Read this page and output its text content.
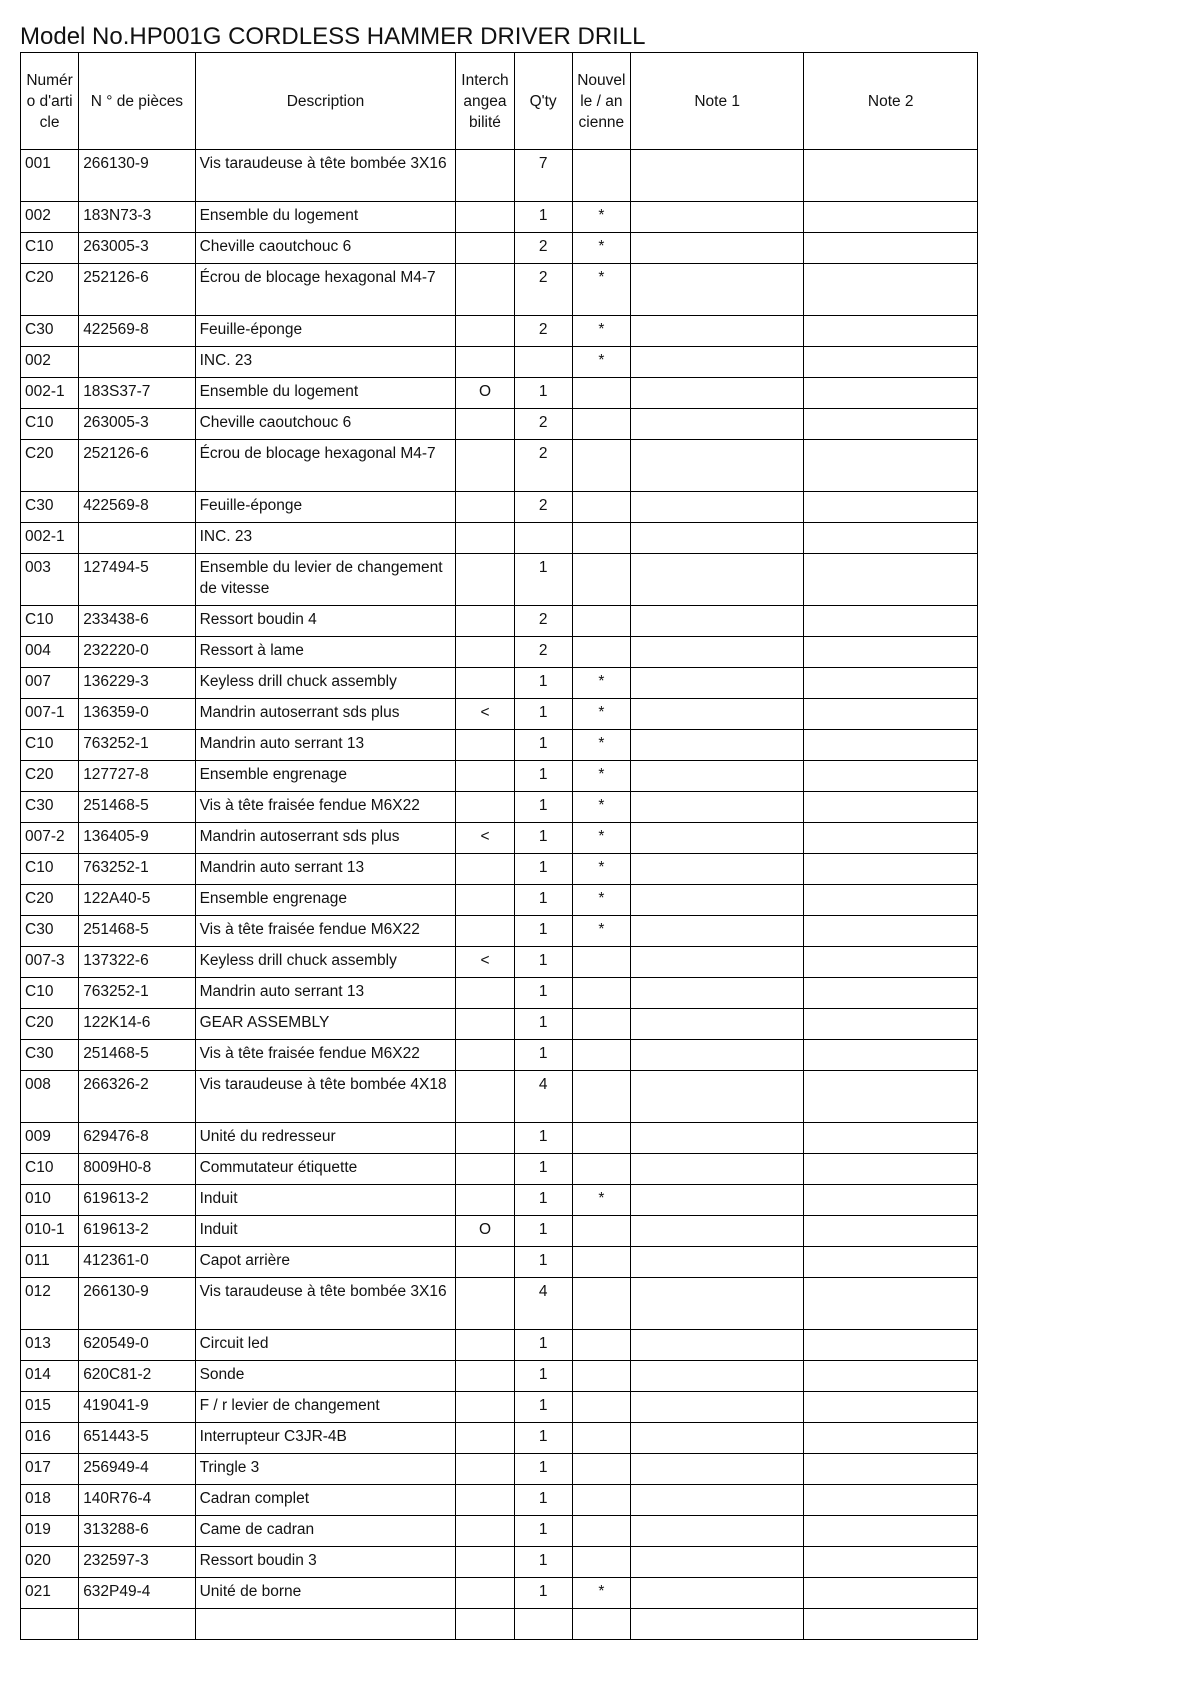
Model No.HP001G CORDLESS HAMMER DRIVER DRILL
Numéro d'article	N ° de pièces	Description	Interchangeabilité	Q'ty	Nouvelle / ancienne	Note 1	Note 2
001	266130-9	Vis taraudeuse à tête bombée 3X16		7			
002	183N73-3	Ensemble du logement		1	*		
C10	263005-3	Cheville caoutchouc 6		2	*		
C20	252126-6	Écrou de blocage hexagonal M4-7		2	*		
C30	422569-8	Feuille-éponge		2	*		
002		INC. 23			*		
002-1	183S37-7	Ensemble du logement	O	1			
C10	263005-3	Cheville caoutchouc 6		2			
C20	252126-6	Écrou de blocage hexagonal M4-7		2			
C30	422569-8	Feuille-éponge		2			
002-1		INC. 23					
003	127494-5	Ensemble du levier de changement de vitesse		1			
C10	233438-6	Ressort boudin 4		2			
004	232220-0	Ressort à lame		2			
007	136229-3	Keyless drill chuck assembly		1	*		
007-1	136359-0	Mandrin autoserrant sds plus	<	1	*		
C10	763252-1	Mandrin auto serrant 13		1	*		
C20	127727-8	Ensemble engrenage		1	*		
C30	251468-5	Vis à tête fraisée fendue M6X22		1	*		
007-2	136405-9	Mandrin autoserrant sds plus	<	1	*		
C10	763252-1	Mandrin auto serrant 13		1	*		
C20	122A40-5	Ensemble engrenage		1	*		
C30	251468-5	Vis à tête fraisée fendue M6X22		1	*		
007-3	137322-6	Keyless drill chuck assembly	<	1			
C10	763252-1	Mandrin auto serrant 13		1			
C20	122K14-6	GEAR ASSEMBLY		1			
C30	251468-5	Vis à tête fraisée fendue M6X22		1			
008	266326-2	Vis taraudeuse à tête bombée 4X18		4			
009	629476-8	Unité du redresseur		1			
C10	8009H0-8	Commutateur étiquette		1			
010	619613-2	Induit		1	*		
010-1	619613-2	Induit	O	1			
011	412361-0	Capot arrière		1			
012	266130-9	Vis taraudeuse à tête bombée 3X16		4			
013	620549-0	Circuit led		1			
014	620C81-2	Sonde		1			
015	419041-9	F / r levier de changement		1			
016	651443-5	Interrupteur C3JR-4B		1			
017	256949-4	Tringle 3		1			
018	140R76-4	Cadran complet		1			
019	313288-6	Came de cadran		1			
020	232597-3	Ressort boudin 3		1			
021	632P49-4	Unité de borne		1	*		
